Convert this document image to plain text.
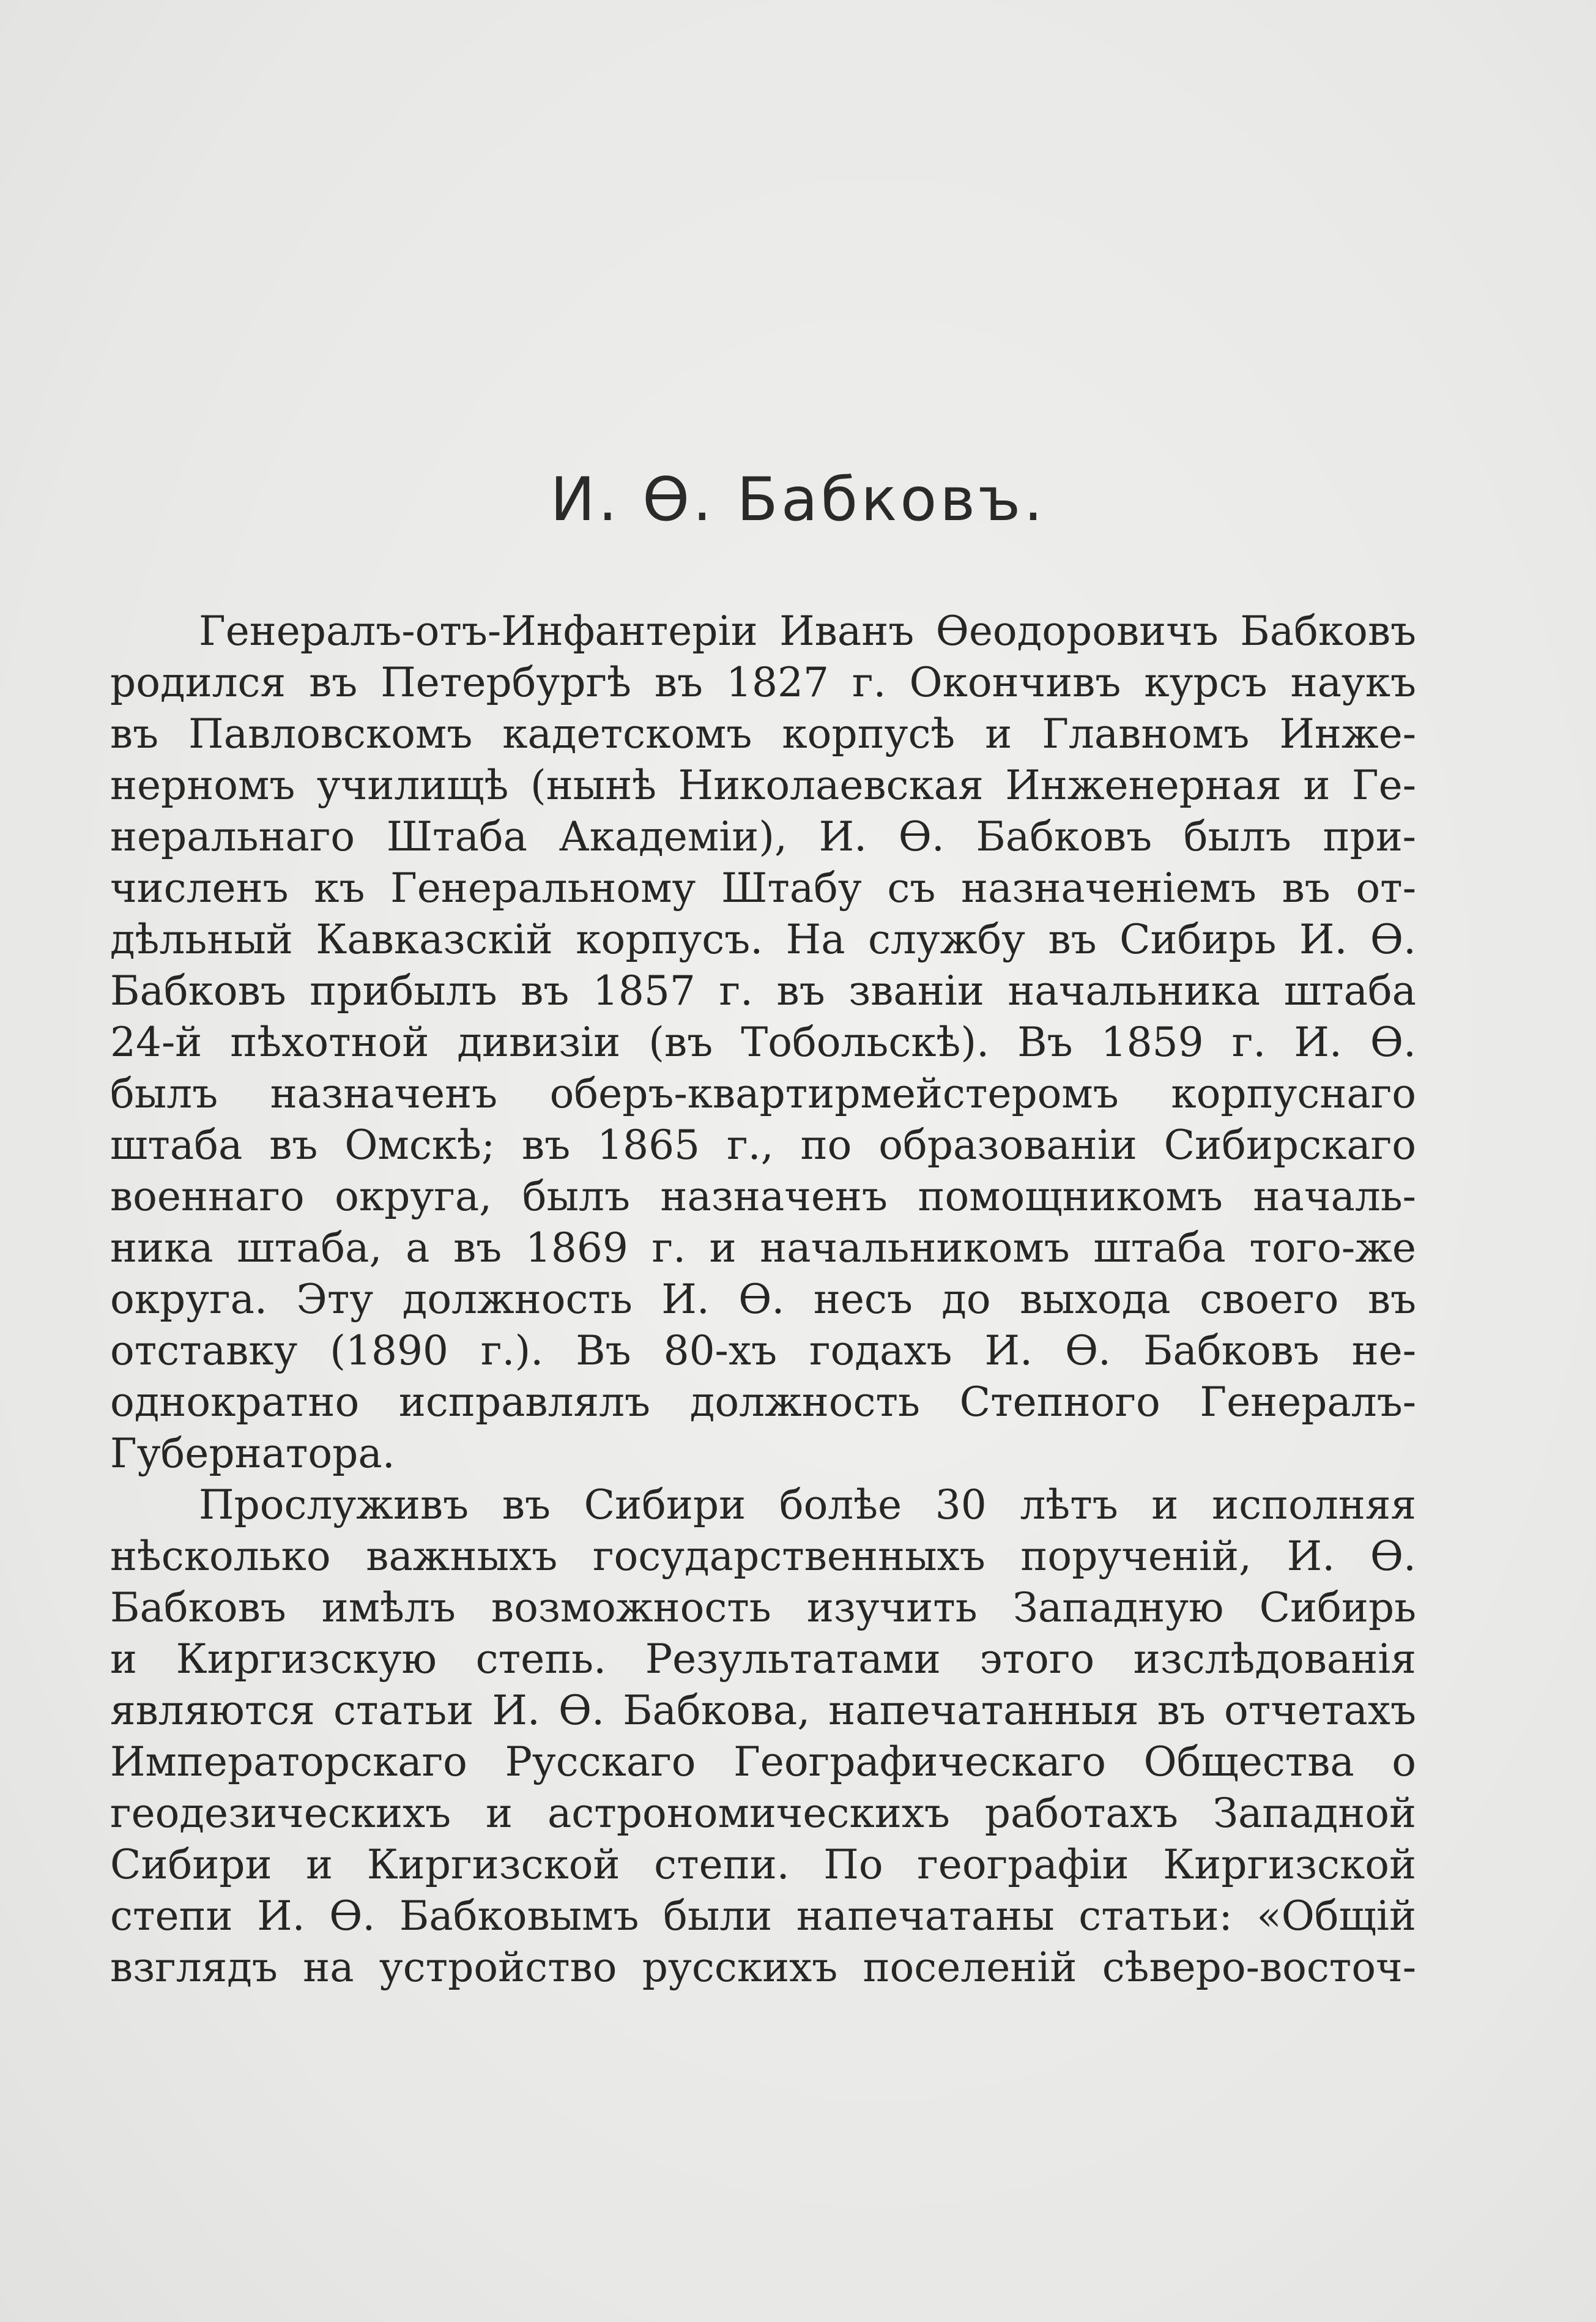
И. Ѳ. Бабковъ.

Генералъ-отъ-Инфантеріи Иванъ Ѳеодоровичъ Бабковъ
родился въ Петербургѣ въ 1827 г. Окончивъ курсъ наукъ
въ Павловскомъ кадетскомъ корпусѣ и Главномъ Инже-
нерномъ училищѣ (нынѣ Николаевская Инженерная и Ге-
неральнаго Штаба Академіи), И. Ѳ. Бабковъ былъ при-
численъ къ Генеральному Штабу съ назначеніемъ въ от-
дѣльный Кавказскій корпусъ. На службу въ Сибирь И. Ѳ.
Бабковъ прибылъ въ 1857 г. въ званіи начальника штаба
24-й пѣхотной дивизіи (въ Тобольскѣ). Въ 1859 г. И. Ѳ.
былъ назначенъ оберъ-квартирмейстеромъ корпуснаго
штаба въ Омскѣ; въ 1865 г., по образованіи Сибирскаго
военнаго округа, былъ назначенъ помощникомъ началь-
ника штаба, а въ 1869 г. и начальникомъ штаба того-же
округа. Эту должность И. Ѳ. несъ до выхода своего въ
отставку (1890 г.). Въ 80-хъ годахъ И. Ѳ. Бабковъ не-
однократно исправлялъ должность Степного Генералъ-
Губернатора.

Прослуживъ въ Сибири болѣе 30 лѣтъ и исполняя
нѣсколько важныхъ государственныхъ порученій, И. Ѳ.
Бабковъ имѣлъ возможность изучить Западную Сибирь
и Киргизскую степь. Результатами этого изслѣдованія
являются статьи И. Ѳ. Бабкова, напечатанныя въ отчетахъ
Императорскаго Русскаго Географическаго Общества о
геодезическихъ и астрономическихъ работахъ Западной
Сибири и Киргизской степи. По географіи Киргизской
степи И. Ѳ. Бабковымъ были напечатаны статьи: «Общій
взглядъ на устройство русскихъ поселеній сѣверо-восточ-
